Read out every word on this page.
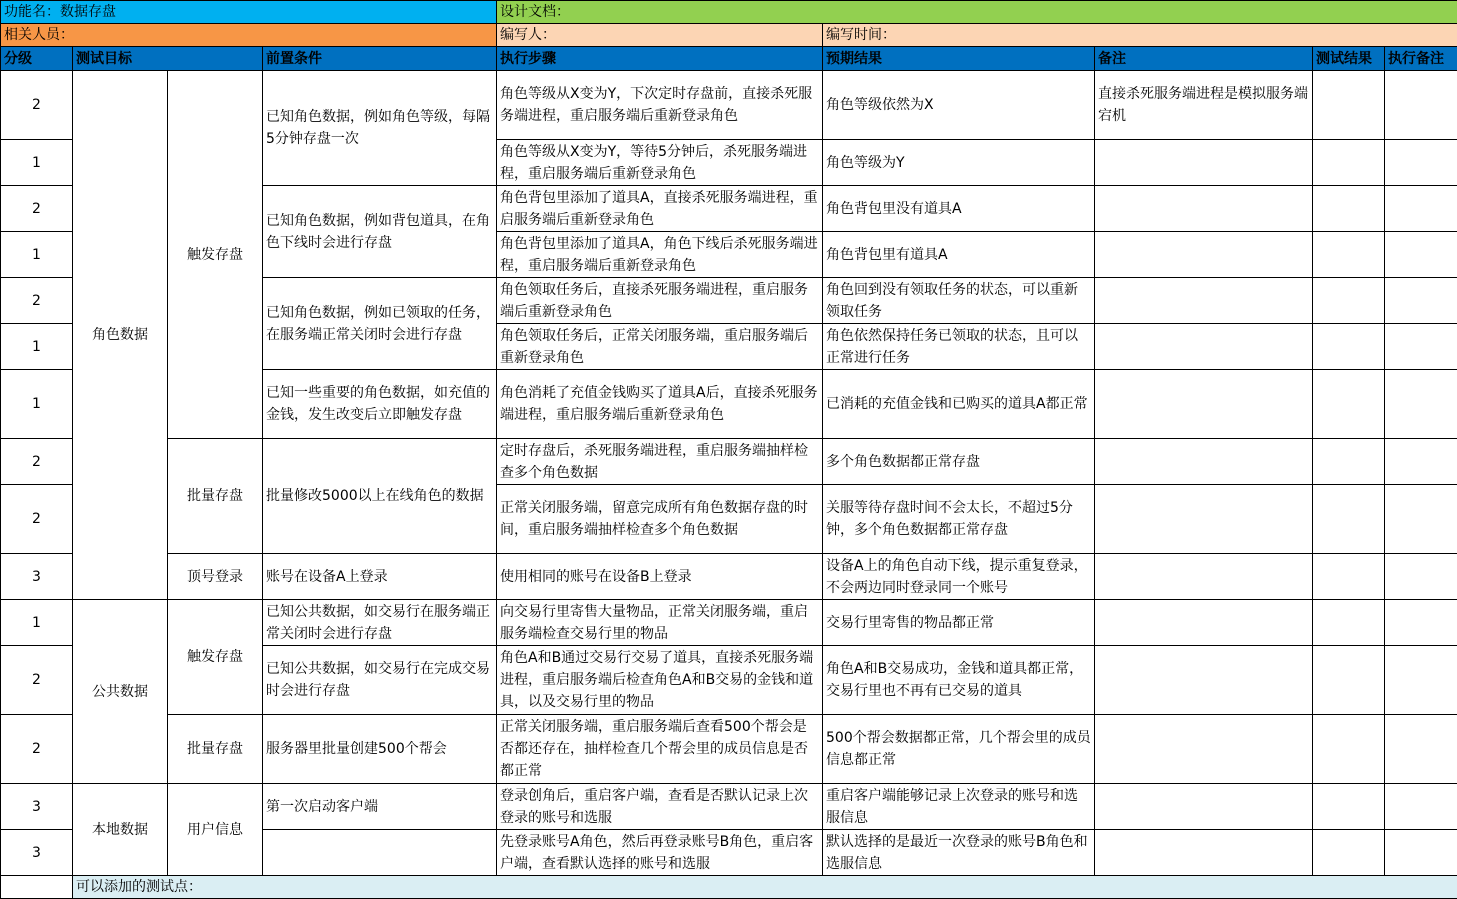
功能名：数据存盘				设计文档：				
相关人员：				编写人：	编写时间：			
分级	测试目标		前置条件	执行步骤	预期结果	备注	测试结果	执行备注
2	角色数据	触发存盘	已知角色数据，例如角色等级，每隔5分钟存盘一次	角色等级从X变为Y，下次定时存盘前，直接杀死服务端进程，重启服务端后重新登录角色	角色等级依然为X	直接杀死服务端进程是模拟服务端宕机		
1				角色等级从X变为Y，等待5分钟后，杀死服务端进程，重启服务端后重新登录角色	角色等级为Y			
2			已知角色数据，例如背包道具，在角色下线时会进行存盘	角色背包里添加了道具A，直接杀死服务端进程，重启服务端后重新登录角色	角色背包里没有道具A			
1				角色背包里添加了道具A，角色下线后杀死服务端进程，重启服务端后重新登录角色	角色背包里有道具A			
2			已知角色数据，例如已领取的任务，在服务端正常关闭时会进行存盘	角色领取任务后，直接杀死服务端进程，重启服务端后重新登录角色	角色回到没有领取任务的状态，可以重新领取任务			
1				角色领取任务后，正常关闭服务端，重启服务端后重新登录角色	角色依然保持任务已领取的状态，且可以正常进行任务			
1			已知一些重要的角色数据，如充值的金钱，发生改变后立即触发存盘	角色消耗了充值金钱购买了道具A后，直接杀死服务端进程，重启服务端后重新登录角色	已消耗的充值金钱和已购买的道具A都正常			
2		批量存盘	批量修改5000以上在线角色的数据	定时存盘后，杀死服务端进程，重启服务端抽样检查多个角色数据	多个角色数据都正常存盘			
2				正常关闭服务端，留意完成所有角色数据存盘的时间，重启服务端抽样检查多个角色数据	关服等待存盘时间不会太长，不超过5分钟，多个角色数据都正常存盘			
3		顶号登录	账号在设备A上登录	使用相同的账号在设备B上登录	设备A上的角色自动下线，提示重复登录，不会两边同时登录同一个账号			
1	公共数据	触发存盘	已知公共数据，如交易行在服务端正常关闭时会进行存盘	向交易行里寄售大量物品，正常关闭服务端，重启服务端检查交易行里的物品	交易行里寄售的物品都正常			
2			已知公共数据，如交易行在完成交易时会进行存盘	角色A和B通过交易行交易了道具，直接杀死服务端进程，重启服务端后检查角色A和B交易的金钱和道具，以及交易行里的物品	角色A和B交易成功，金钱和道具都正常，交易行里也不再有已交易的道具			
2		批量存盘	服务器里批量创建500个帮会	正常关闭服务端，重启服务端后查看500个帮会是否都还存在，抽样检查几个帮会里的成员信息是否都正常	500个帮会数据都正常，几个帮会里的成员信息都正常			
3	本地数据	用户信息	第一次启动客户端	登录创角后，重启客户端，查看是否默认记录上次登录的账号和选服	重启客户端能够记录上次登录的账号和选服信息			
3				先登录账号A角色，然后再登录账号B角色，重启客户端，查看默认选择的账号和选服	默认选择的是最近一次登录的账号B角色和选服信息			
	可以添加的测试点：							
